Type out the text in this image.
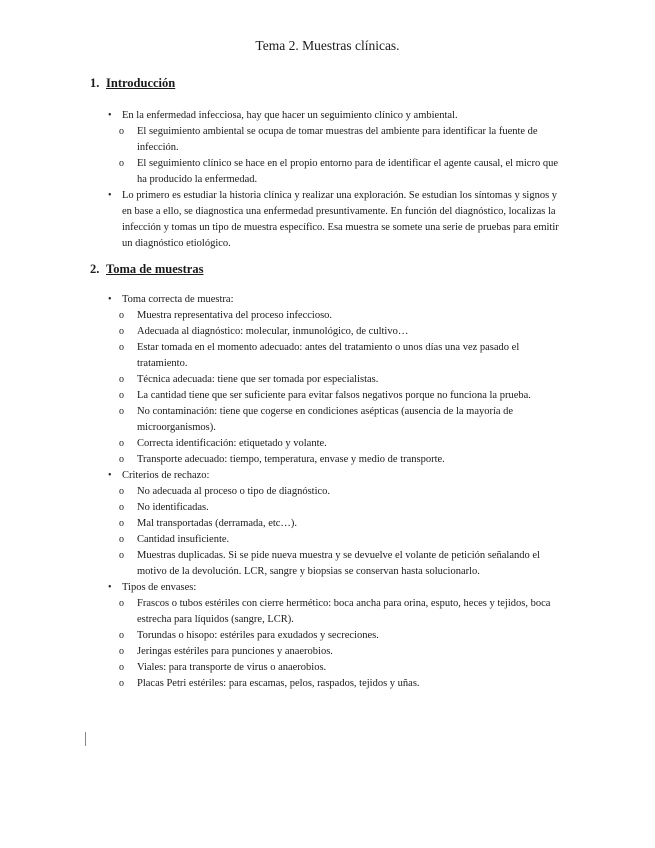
Tema 2. Muestras clínicas.
1. Introducción
• En la enfermedad infecciosa, hay que hacer un seguimiento clínico y ambiental.
o El seguimiento ambiental se ocupa de tomar muestras del ambiente para identificar la fuente de infección.
o El seguimiento clínico se hace en el propio entorno para de identificar el agente causal, el micro que ha producido la enfermedad.
• Lo primero es estudiar la historia clínica y realizar una exploración. Se estudian los síntomas y signos y en base a ello, se diagnostica una enfermedad presuntivamente. En función del diagnóstico, localizas la infección y tomas un tipo de muestra específico. Esa muestra se somete una serie de pruebas para emitir un diagnóstico etiológico.
2. Toma de muestras
• Toma correcta de muestra:
o Muestra representativa del proceso infeccioso.
o Adecuada al diagnóstico: molecular, inmunológico, de cultivo…
o Estar tomada en el momento adecuado: antes del tratamiento o unos días una vez pasado el tratamiento.
o Técnica adecuada: tiene que ser tomada por especialistas.
o La cantidad tiene que ser suficiente para evitar falsos negativos porque no funciona la prueba.
o No contaminación: tiene que cogerse en condiciones asépticas (ausencia de la mayoría de microorganismos).
o Correcta identificación: etiquetado y volante.
o Transporte adecuado: tiempo, temperatura, envase y medio de transporte.
• Criterios de rechazo:
o No adecuada al proceso o tipo de diagnóstico.
o No identificadas.
o Mal transportadas (derramada, etc…).
o Cantidad insuficiente.
o Muestras duplicadas. Si se pide nueva muestra y se devuelve el volante de petición señalando el motivo de la devolución. LCR, sangre y biopsias se conservan hasta solucionarlo.
• Tipos de envases:
o Frascos o tubos estériles con cierre hermético: boca ancha para orina, esputo, heces y tejidos, boca estrecha para líquidos (sangre, LCR).
o Torundas o hisopo: estériles para exudados y secreciones.
o Jeringas estériles para punciones y anaerobios.
o Viales: para transporte de virus o anaerobios.
o Placas Petri estériles: para escamas, pelos, raspados, tejidos y uñas.
